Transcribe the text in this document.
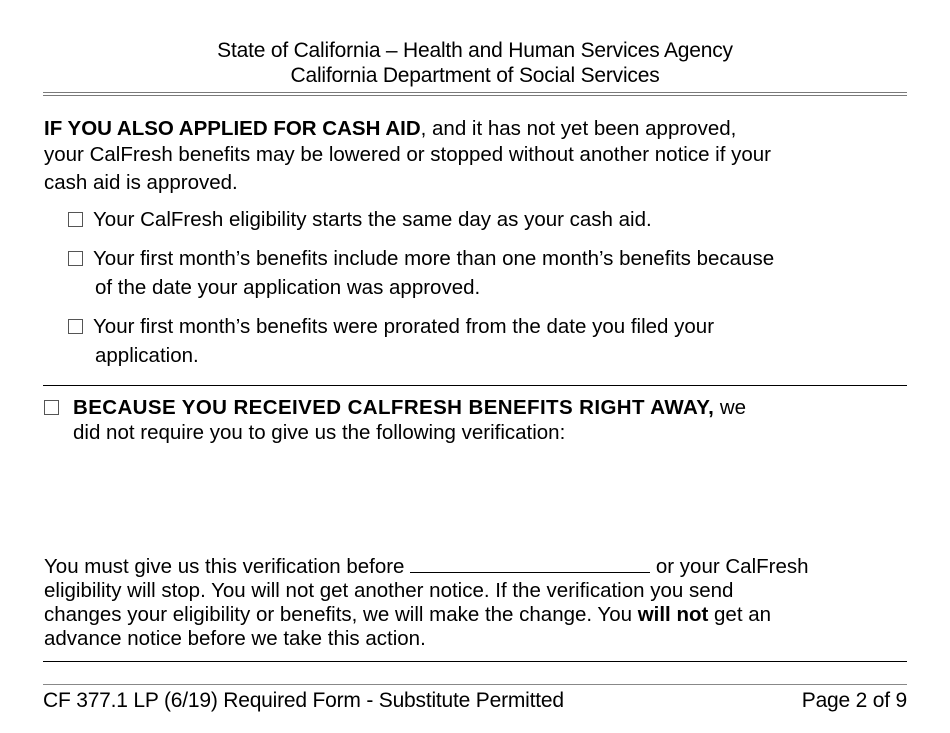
State of California – Health and Human Services Agency
California Department of Social Services
IF YOU ALSO APPLIED FOR CASH AID, and it has not yet been approved,
your CalFresh benefits may be lowered or stopped without another notice if your
cash aid is approved.
Your CalFresh eligibility starts the same day as your cash aid.
Your first month’s benefits include more than one month’s benefits because
of the date your application was approved.
Your first month’s benefits were prorated from the date you filed your
application.
BECAUSE YOU RECEIVED CALFRESH BENEFITS RIGHT AWAY, we
did not require you to give us the following verification:
You must give us this verification before	or your CalFresh
eligibility will stop. You will not get another notice. If the verification you send
changes your eligibility or benefits, we will make the change. You will not get an
advance notice before we take this action.
CF 377.1 LP (6/19) Required Form - Substitute Permitted	Page 2 of 9
